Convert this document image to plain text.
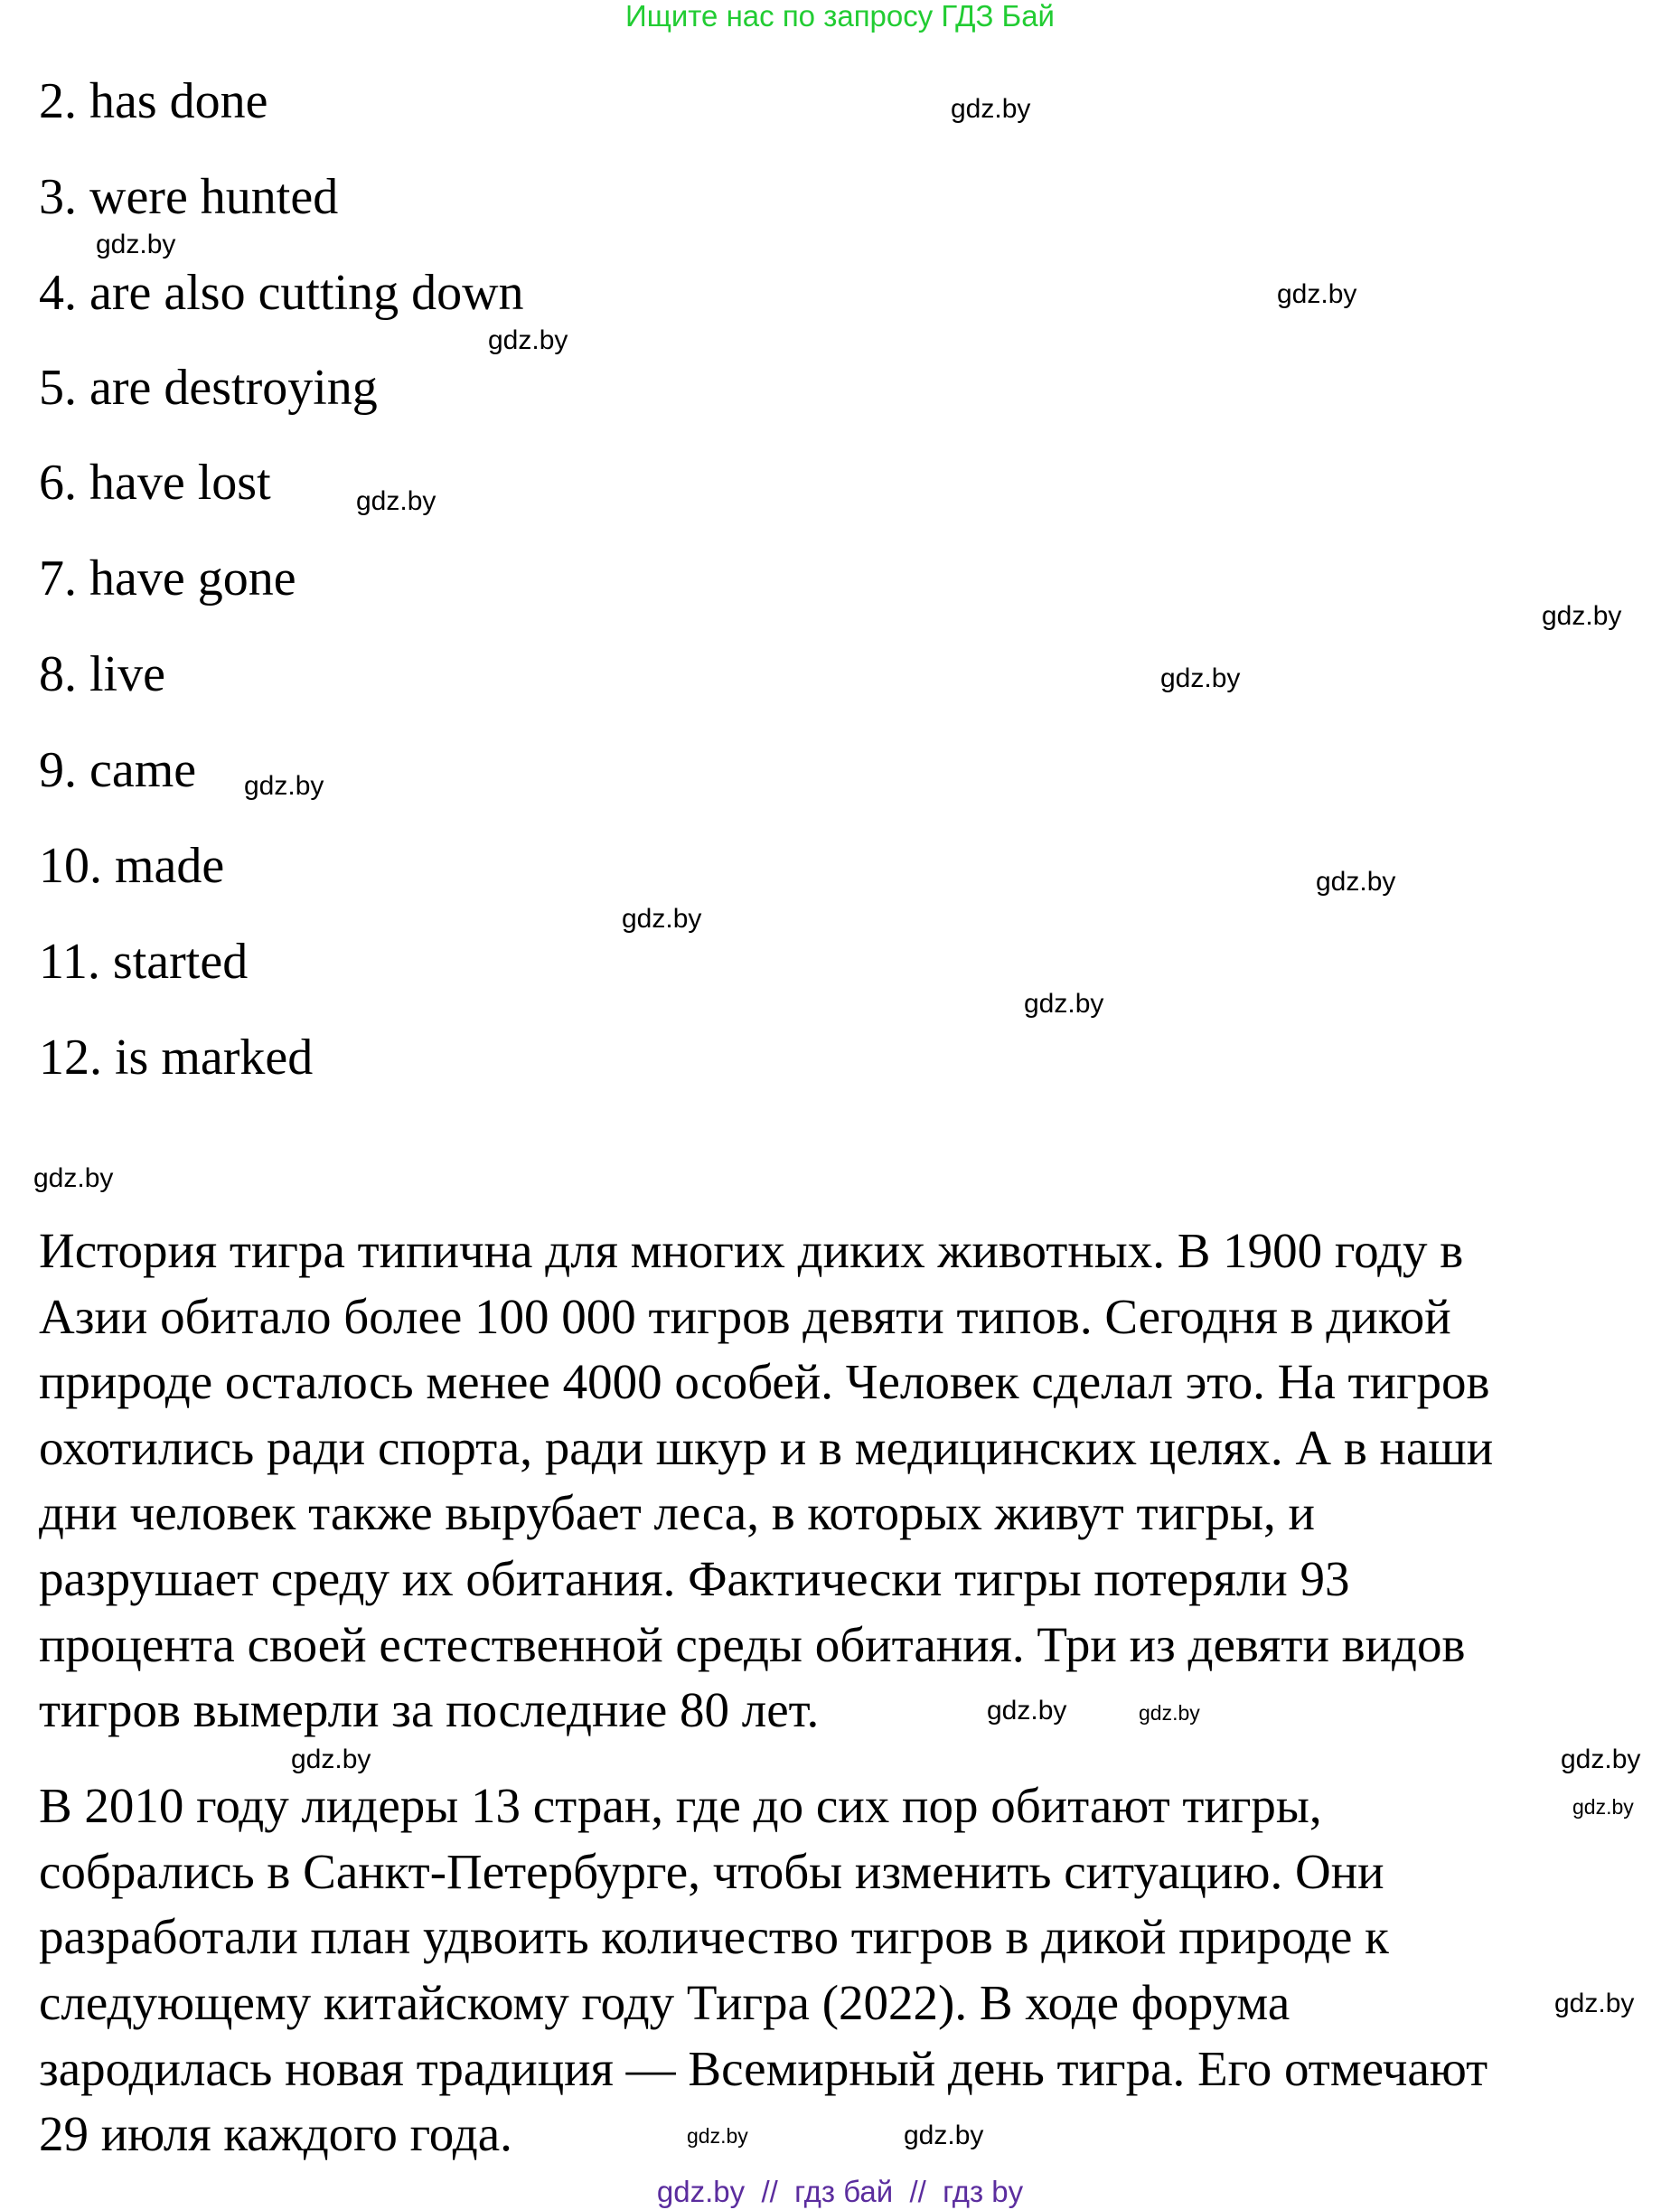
Ищите нас по запросу ГДЗ Бай
2. has done
3. were hunted
4. are also cutting down
5. are destroying
6. have lost
7. have gone
8. live
9. came
10. made
11. started
12. is marked
История тигра типична для многих диких животных. В 1900 году в
Азии обитало более 100 000 тигров девяти типов. Сегодня в дикой
природе осталось менее 4000 особей. Человек сделал это. На тигров
охотились ради спорта, ради шкур и в медицинских целях. А в наши
дни человек также вырубает леса, в которых живут тигры, и
разрушает среду их обитания. Фактически тигры потеряли 93
процента своей естественной среды обитания. Три из девяти видов
тигров вымерли за последние 80 лет.
В 2010 году лидеры 13 стран, где до сих пор обитают тигры,
собрались в Санкт-Петербурге, чтобы изменить ситуацию. Они
разработали план удвоить количество тигров в дикой природе к
следующему китайскому году Тигра (2022). В ходе форума
зародилась новая традиция — Всемирный день тигра. Его отмечают
29 июля каждого года.
gdz.by
gdz.by
gdz.by
gdz.by
gdz.by
gdz.by
gdz.by
gdz.by
gdz.by
gdz.by
gdz.by
gdz.by
gdz.by
gdz.by
gdz.by
gdz.by
gdz.by
gdz.by
gdz.by
gdz.by
gdz.by  //  гдз бай  //  гдз by
